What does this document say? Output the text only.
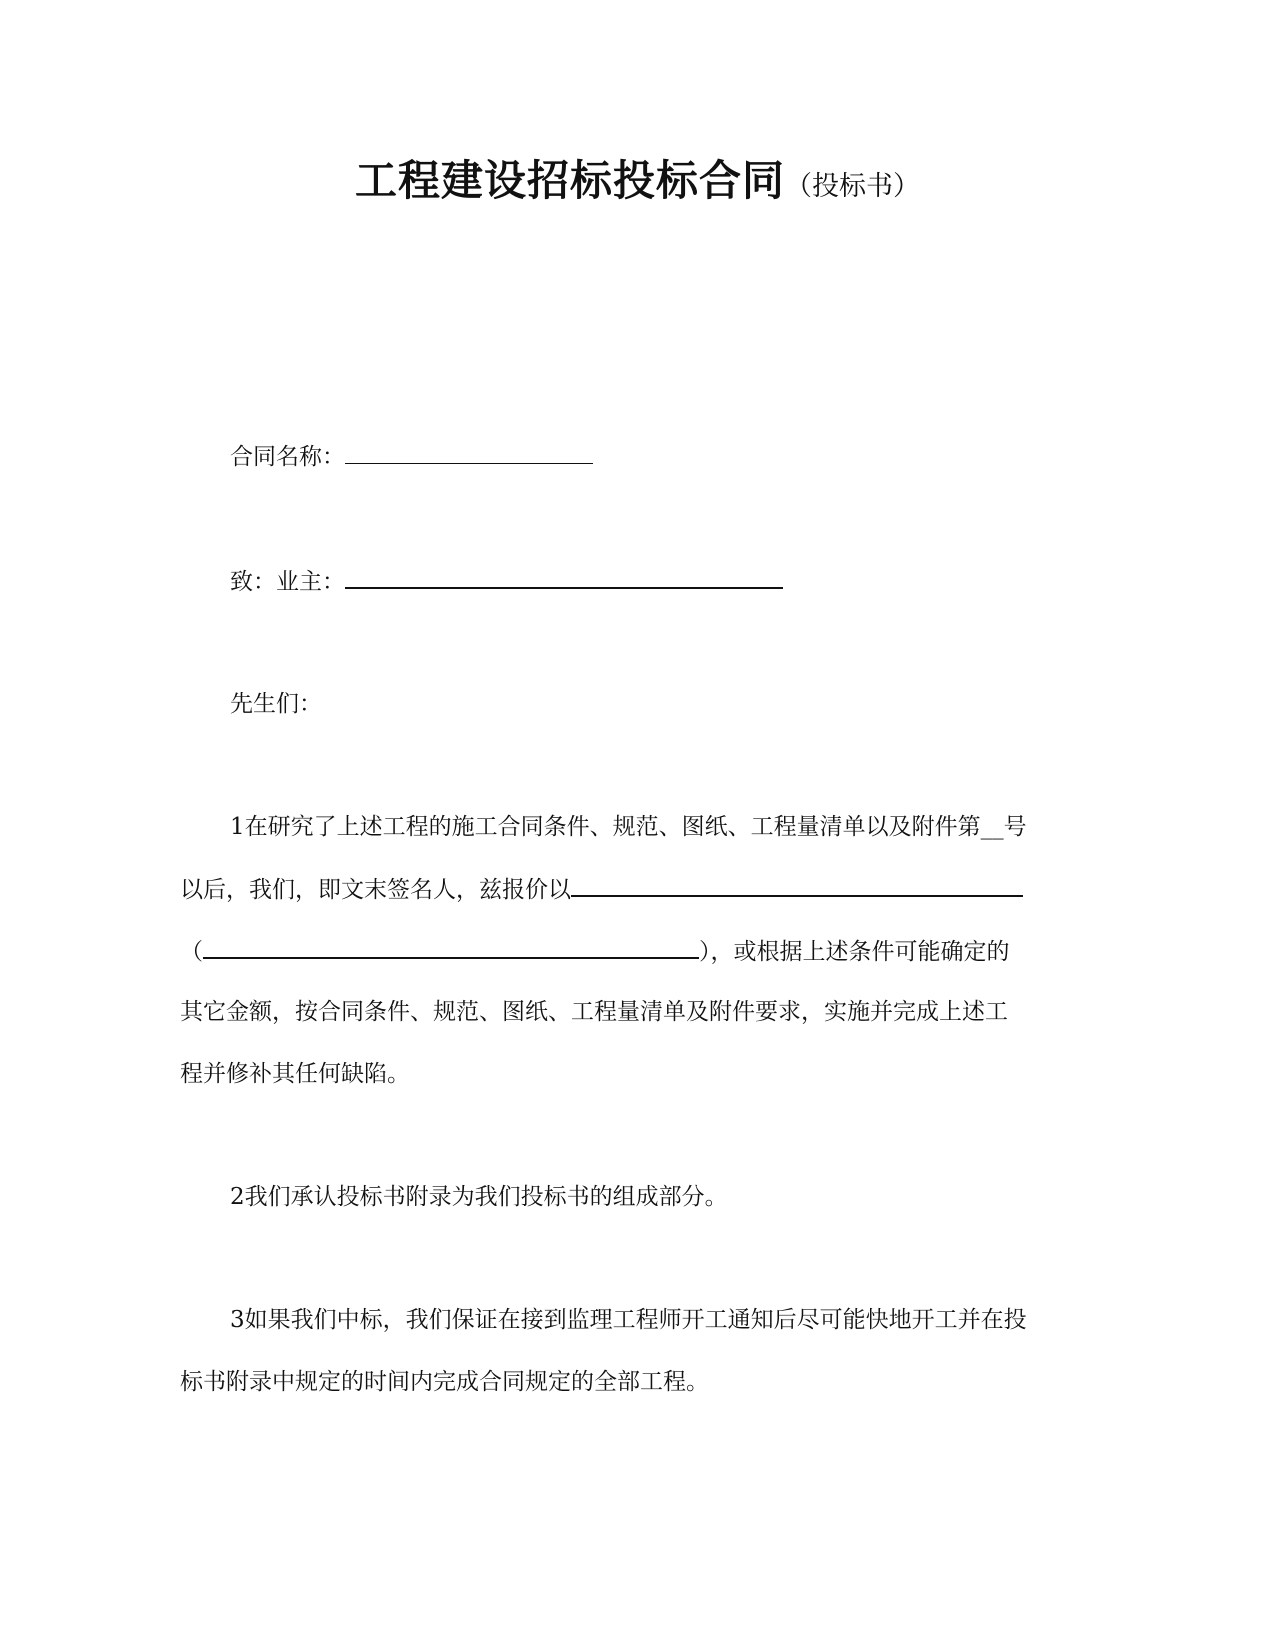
工程建设招标投标合同（投标书）
合同名称：
致：业主：
先生们：
1在研究了上述工程的施工合同条件、规范、图纸、工程量清单以及附件第__号
以后，我们，即文末签名人，兹报价以
（	），或根据上述条件可能确定的
其它金额，按合同条件、规范、图纸、工程量清单及附件要求，实施并完成上述工
程并修补其任何缺陷。
2我们承认投标书附录为我们投标书的组成部分。
3如果我们中标，我们保证在接到监理工程师开工通知后尽可能快地开工并在投
标书附录中规定的时间内完成合同规定的全部工程。
